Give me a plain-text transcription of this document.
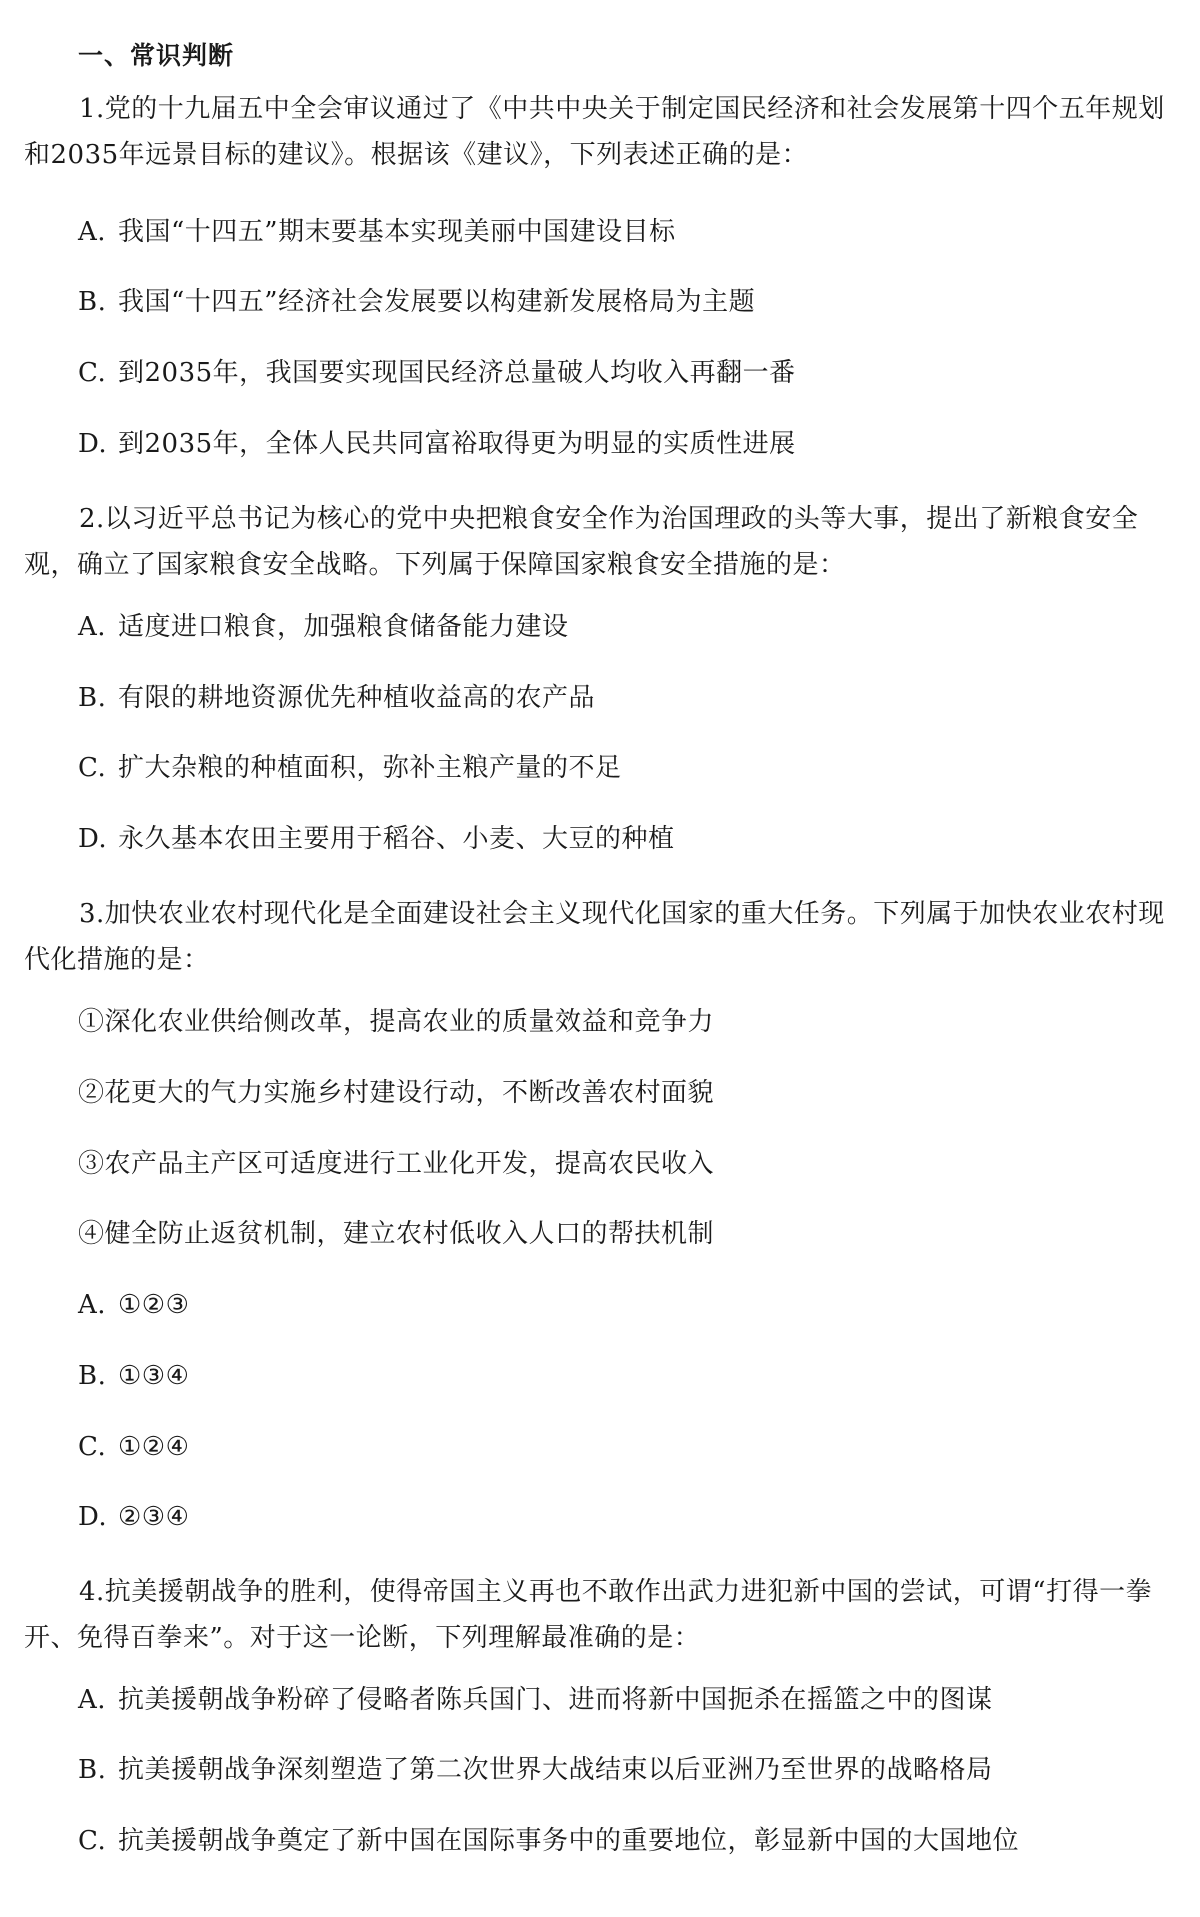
一、常识判断
1.党的十九届五中全会审议通过了《中共中央关于制定国民经济和社会发展第十四个五年规划和2035年远景目标的建议》。根据该《建议》，下列表述正确的是：
A. 我国“十四五”期末要基本实现美丽中国建设目标
B. 我国“十四五”经济社会发展要以构建新发展格局为主题
C. 到2035年，我国要实现国民经济总量破人均收入再翻一番
D. 到2035年，全体人民共同富裕取得更为明显的实质性进展
2.以习近平总书记为核心的党中央把粮食安全作为治国理政的头等大事，提出了新粮食安全观，确立了国家粮食安全战略。下列属于保障国家粮食安全措施的是：
A. 适度进口粮食，加强粮食储备能力建设
B. 有限的耕地资源优先种植收益高的农产品
C. 扩大杂粮的种植面积，弥补主粮产量的不足
D. 永久基本农田主要用于稻谷、小麦、大豆的种植
3.加快农业农村现代化是全面建设社会主义现代化国家的重大任务。下列属于加快农业农村现代化措施的是：
①深化农业供给侧改革，提高农业的质量效益和竞争力
②花更大的气力实施乡村建设行动，不断改善农村面貌
③农产品主产区可适度进行工业化开发，提高农民收入
④健全防止返贫机制，建立农村低收入人口的帮扶机制
A. ①②③
B. ①③④
C. ①②④
D. ②③④
4.抗美援朝战争的胜利，使得帝国主义再也不敢作出武力进犯新中国的尝试，可谓“打得一拳开、免得百拳来”。对于这一论断，下列理解最准确的是：
A. 抗美援朝战争粉碎了侵略者陈兵国门、进而将新中国扼杀在摇篮之中的图谋
B. 抗美援朝战争深刻塑造了第二次世界大战结束以后亚洲乃至世界的战略格局
C. 抗美援朝战争奠定了新中国在国际事务中的重要地位，彰显新中国的大国地位
